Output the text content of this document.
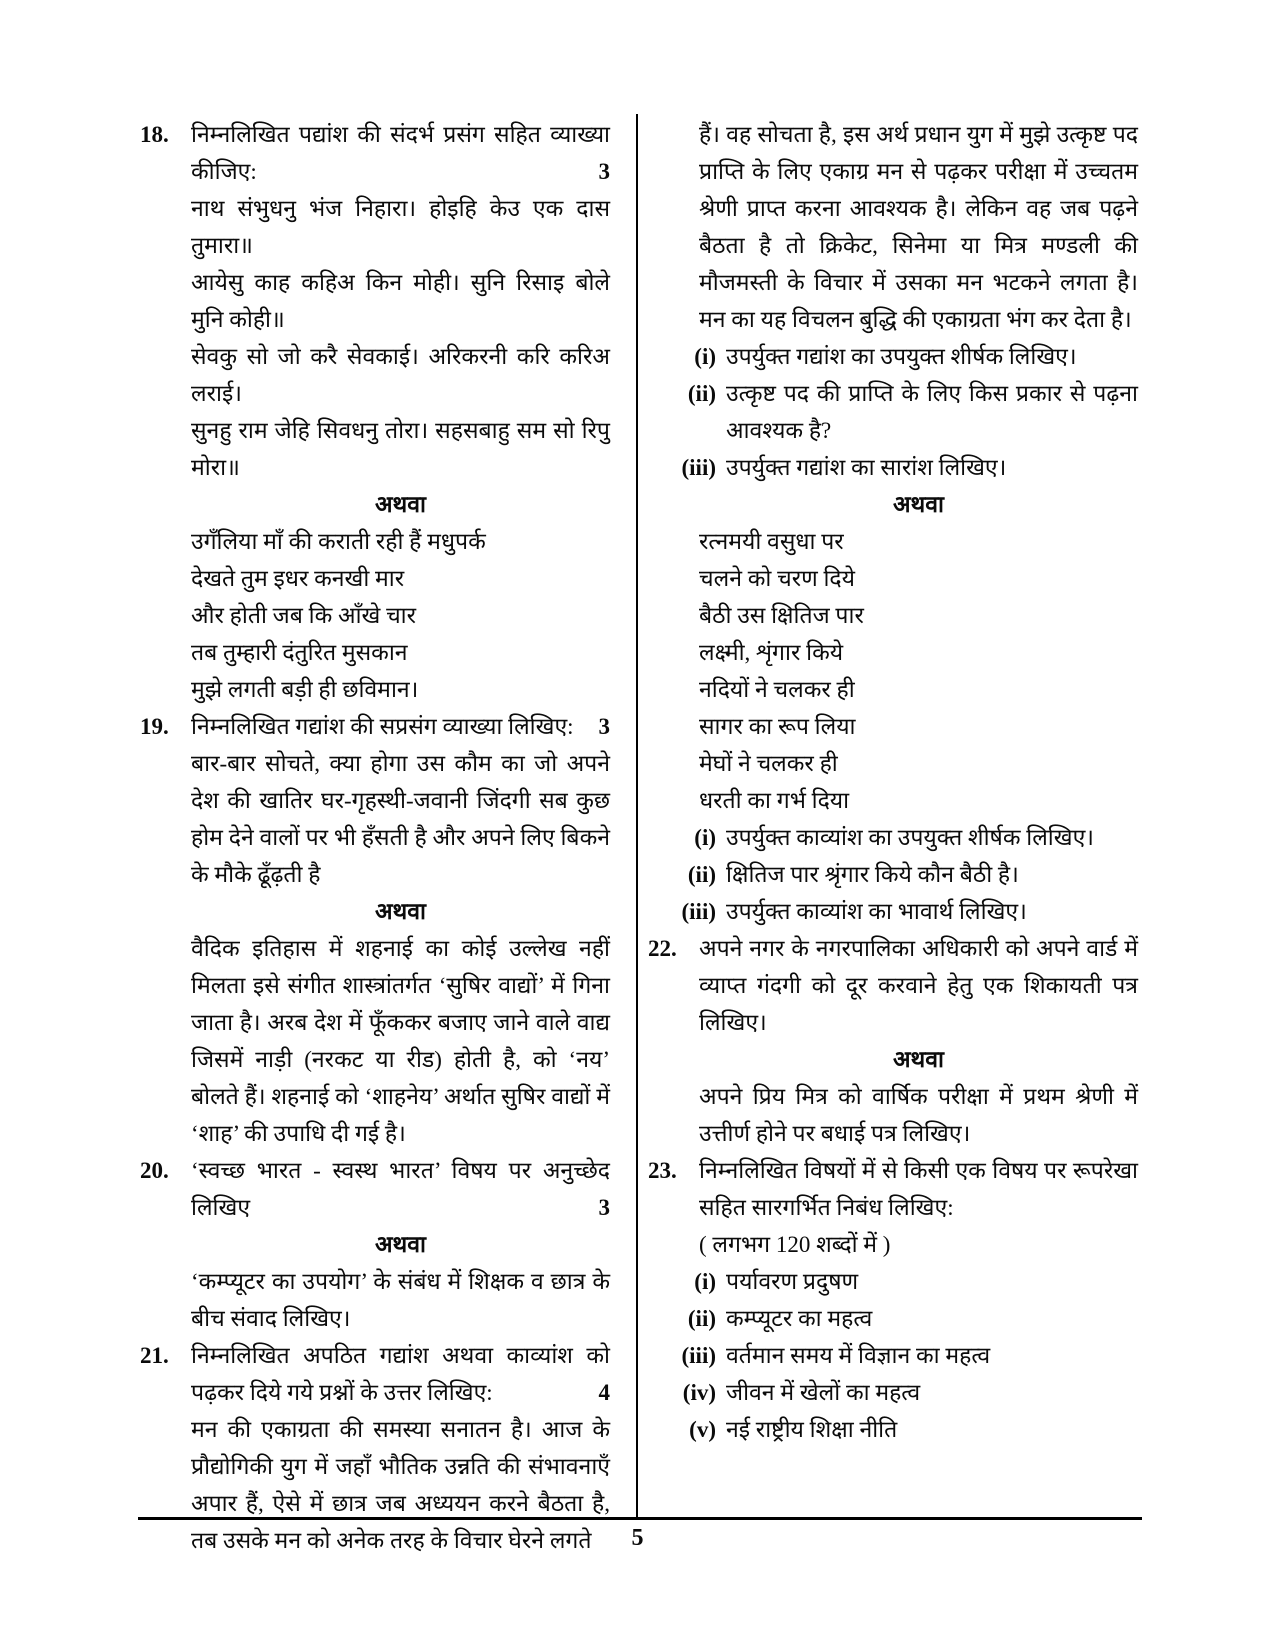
18. निम्नलिखित पद्यांश की संदर्भ प्रसंग सहित व्याख्या कीजिए:	3
नाथ संभुधनु भंज निहारा। होइहि केउ एक दास तुमारा॥
आयेसु काह कहिअ किन मोही। सुनि रिसाइ बोले मुनि कोही॥
सेवकु सो जो करै सेवकाई। अरिकरनी करि करिअ लराई।
सुनहु राम जेहि सिवधनु तोरा। सहसबाहु सम सो रिपु मोरा॥
अथवा
उगँलिया माँ की कराती रही हैं मधुपर्क
देखते तुम इधर कनखी मार
और होती जब कि आँखे चार
तब तुम्हारी दंतुरित मुसकान
मुझे लगती बड़ी ही छविमान।
19. निम्नलिखित गद्यांश की सप्रसंग व्याख्या लिखिए:	3
बार-बार सोचते, क्या होगा उस कौम का जो अपने देश की खातिर घर-गृहस्थी-जवानी जिंदगी सब कुछ होम देने वालों पर भी हँसती है और अपने लिए बिकने के मौके ढूँढ़ती है
अथवा
वैदिक इतिहास में शहनाई का कोई उल्लेख नहीं मिलता इसे संगीत शास्त्रांतर्गत ‘सुषिर वाद्यों’ में गिना जाता है। अरब देश में फूँककर बजाए जाने वाले वाद्य जिसमें नाड़ी (नरकट या रीड) होती है, को ‘नय’ बोलते हैं। शहनाई को ‘शाहनेय’ अर्थात सुषिर वाद्यों में ‘शाह’ की उपाधि दी गई है।
20. ‘स्वच्छ भारत - स्वस्थ भारत’ विषय पर अनुच्छेद लिखिए	3
अथवा
‘कम्प्यूटर का उपयोग’ के संबंध में शिक्षक व छात्र के बीच संवाद लिखिए।
21. निम्नलिखित अपठित गद्यांश अथवा काव्यांश को पढ़कर दिये गये प्रश्नों के उत्तर लिखिए:	4
मन की एकाग्रता की समस्या सनातन है। आज के प्रौद्योगिकी युग में जहाँ भौतिक उन्नति की संभावनाएँ अपार हैं, ऐसे में छात्र जब अध्ययन करने बैठता है, तब उसके मन को अनेक तरह के विचार घेरने लगते
हैं। वह सोचता है, इस अर्थ प्रधान युग में मुझे उत्कृष्ट पद प्राप्ति के लिए एकाग्र मन से पढ़कर परीक्षा में उच्चतम श्रेणी प्राप्त करना आवश्यक है। लेकिन वह जब पढ़ने बैठता है तो क्रिकेट, सिनेमा या मित्र मण्डली की मौजमस्ती के विचार में उसका मन भटकने लगता है। मन का यह विचलन बुद्धि की एकाग्रता भंग कर देता है।
(i) उपर्युक्त गद्यांश का उपयुक्त शीर्षक लिखिए।
(ii) उत्कृष्ट पद की प्राप्ति के लिए किस प्रकार से पढ़ना आवश्यक है?
(iii) उपर्युक्त गद्यांश का सारांश लिखिए।
अथवा
रत्नमयी वसुधा पर
चलने को चरण दिये
बैठी उस क्षितिज पार
लक्ष्मी, शृंगार किये
नदियों ने चलकर ही
सागर का रूप लिया
मेघों ने चलकर ही
धरती का गर्भ दिया
(i) उपर्युक्त काव्यांश का उपयुक्त शीर्षक लिखिए।
(ii) क्षितिज पार श्रृंगार किये कौन बैठी है।
(iii) उपर्युक्त काव्यांश का भावार्थ लिखिए।
22. अपने नगर के नगरपालिका अधिकारी को अपने वार्ड में व्याप्त गंदगी को दूर करवाने हेतु एक शिकायती पत्र लिखिए।
अथवा
अपने प्रिय मित्र को वार्षिक परीक्षा में प्रथम श्रेणी में उत्तीर्ण होने पर बधाई पत्र लिखिए।
23. निम्नलिखित विषयों में से किसी एक विषय पर रूपरेखा सहित सारगर्भित निबंध लिखिए:
( लगभग 120 शब्दों में )
(i) पर्यावरण प्रदुषण
(ii) कम्प्यूटर का महत्व
(iii) वर्तमान समय में विज्ञान का महत्व
(iv) जीवन में खेलों का महत्व
(v) नई राष्ट्रीय शिक्षा नीति
5
